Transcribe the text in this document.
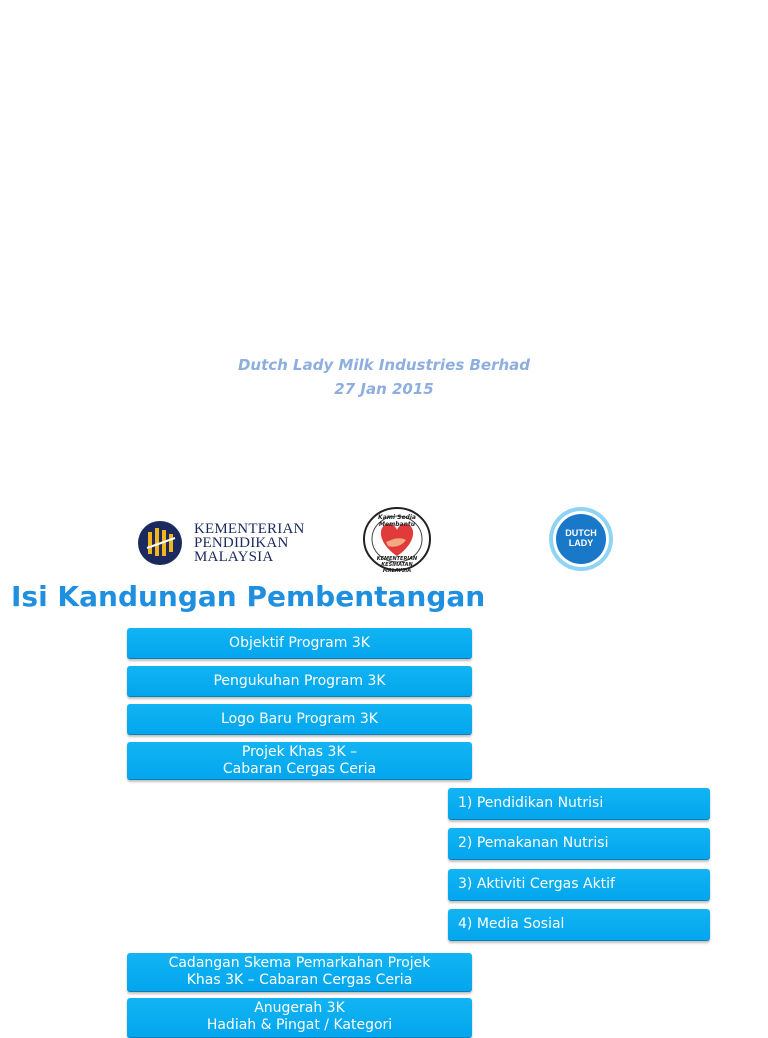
Dutch Lady Milk Industries Berhad
27 Jan 2015
KEMENTERIAN
PENDIDIKAN
MALAYSIA
Kami Sedia Membantu
KEMENTERIAN KESIHATAN MALAYSIA
DUTCH LADY
Isi Kandungan Pembentangan
Objektif Program 3K
Pengukuhan Program 3K
Logo Baru Program 3K
Projek Khas 3K –
Cabaran Cergas Ceria
1) Pendidikan Nutrisi
2) Pemakanan Nutrisi
3) Aktiviti Cergas Aktif
4) Media Sosial
Cadangan Skema Pemarkahan Projek
Khas 3K – Cabaran Cergas Ceria
Anugerah 3K
Hadiah & Pingat / Kategori
